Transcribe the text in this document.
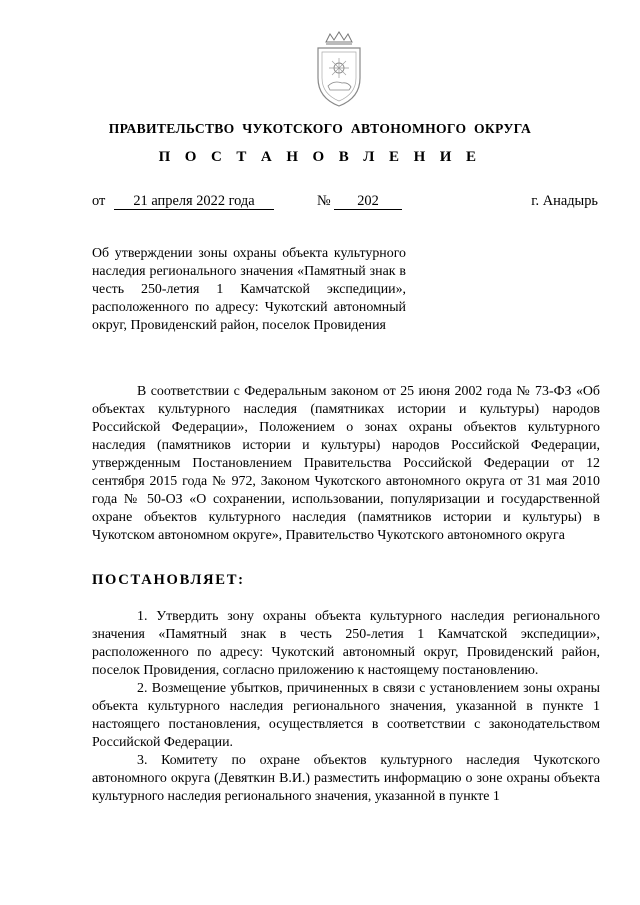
ПРАВИТЕЛЬСТВО ЧУКОТСКОГО АВТОНОМНОГО ОКРУГА
П О С Т А Н О В Л Е Н И Е
от	21 апреля 2022 года	№	202	г. Анадырь
Об утверждении зоны охраны объекта культурного наследия регионального значения «Памятный знак в честь 250-летия 1 Камчатской экспедиции», расположенного по адресу: Чукотский автономный округ, Провиденский район, поселок Провидения

В соответствии с Федеральным законом от 25 июня 2002 года № 73-ФЗ «Об объектах культурного наследия (памятниках истории и культуры) народов Российской Федерации», Положением о зонах охраны объектов культурного наследия (памятников истории и культуры) народов Российской Федерации, утвержденным Постановлением Правительства Российской Федерации от 12 сентября 2015 года № 972, Законом Чукотского автономного округа от 31 мая 2010 года № 50-ОЗ «О сохранении, использовании, популяризации и государственной охране объектов культурного наследия (памятников истории и культуры) в Чукотском автономном округе», Правительство Чукотского автономного округа

ПОСТАНОВЛЯЕТ:

1. Утвердить зону охраны объекта культурного наследия регионального значения «Памятный знак в честь 250-летия 1 Камчатской экспедиции», расположенного по адресу: Чукотский автономный округ, Провиденский район, поселок Провидения, согласно приложению к настоящему постановлению.

2. Возмещение убытков, причиненных в связи с установлением зоны охраны объекта культурного наследия регионального значения, указанной в пункте 1 настоящего постановления, осуществляется в соответствии с законодательством Российской Федерации.

3. Комитету по охране объектов культурного наследия Чукотского автономного округа (Девяткин В.И.) разместить информацию о зоне охраны объекта культурного наследия регионального значения, указанной в пункте 1
